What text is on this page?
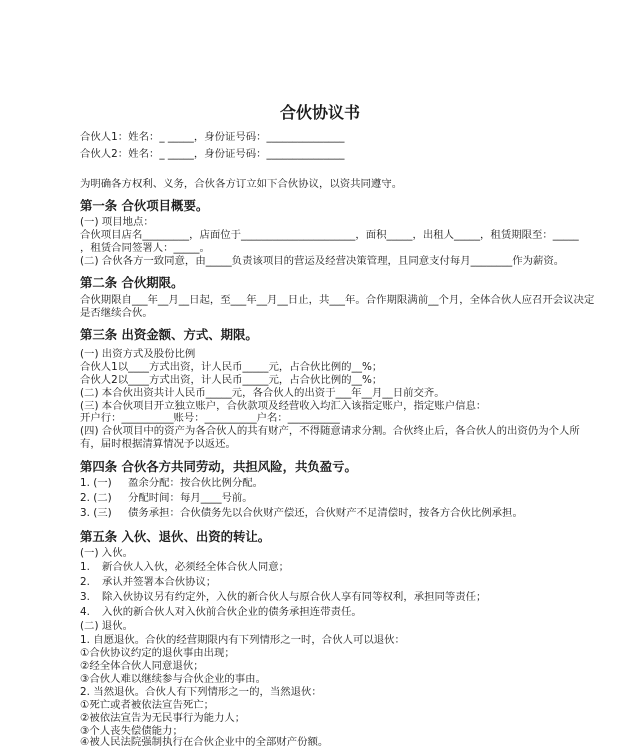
合伙协议书
合伙人1：姓名：_ _____，身份证号码：_______________
合伙人2：姓名：_ _____，身份证号码：_______________
为明确各方权利、义务，合伙各方订立如下合伙协议，以资共同遵守。
第一条 合伙项目概要。
(一) 项目地点：
合伙项目店名_________，店面位于______________________，面积_____，出租人_____，租赁期限至：_____
，租赁合同签署人：_____。
(二) 合伙各方一致同意，由_____负责该项目的营运及经营决策管理，且同意支付每月________作为薪资。
第二条 合伙期限。
合伙期限自___年__月__日起，至___年__月__日止，共___年。合作期限满前__个月，全体合伙人应召开会议决定
是否继续合伙。
第三条 出资金额、方式、期限。
(一) 出资方式及股份比例
合伙人1以____方式出资，计人民币_____元，占合伙比例的__%；
合伙人2以____方式出资，计人民币_____元，占合伙比例的__%；
(二) 本合伙出资共计人民币_____元，各合伙人的出资于___年__月__日前交齐。
(三) 本合伙项目开立独立账户，合伙款项及经营收入均汇入该指定账户，指定账户信息：
开户行：__________账号：__________户名：__________
(四) 合伙项目中的资产为各合伙人的共有财产，不得随意请求分割。合伙终止后，各合伙人的出资仍为个人所
有，届时根据清算情况予以返还。
第四条 合伙各方共同劳动，共担风险，共负盈亏。
1. (一) 盈余分配：按合伙比例分配。
2. (二) 分配时间：每月____号前。
3. (三) 债务承担：合伙债务先以合伙财产偿还，合伙财产不足清偿时，按各方合伙比例承担。
第五条 入伙、退伙、出资的转让。
(一) 入伙。
1. 新合伙人入伙，必须经全体合伙人同意；
2. 承认并签署本合伙协议；
3. 除入伙协议另有约定外，入伙的新合伙人与原合伙人享有同等权利，承担同等责任；
4. 入伙的新合伙人对入伙前合伙企业的债务承担连带责任。
(二) 退伙。
1. 自愿退伙。合伙的经营期限内有下列情形之一时，合伙人可以退伙：
①合伙协议约定的退伙事由出现；
②经全体合伙人同意退伙；
③合伙人难以继续参与合伙企业的事由。
2. 当然退伙。合伙人有下列情形之一的，当然退伙：
①死亡或者被依法宣告死亡；
②被依法宣告为无民事行为能力人；
③个人丧失偿债能力；
④被人民法院强制执行在合伙企业中的全部财产份额。
